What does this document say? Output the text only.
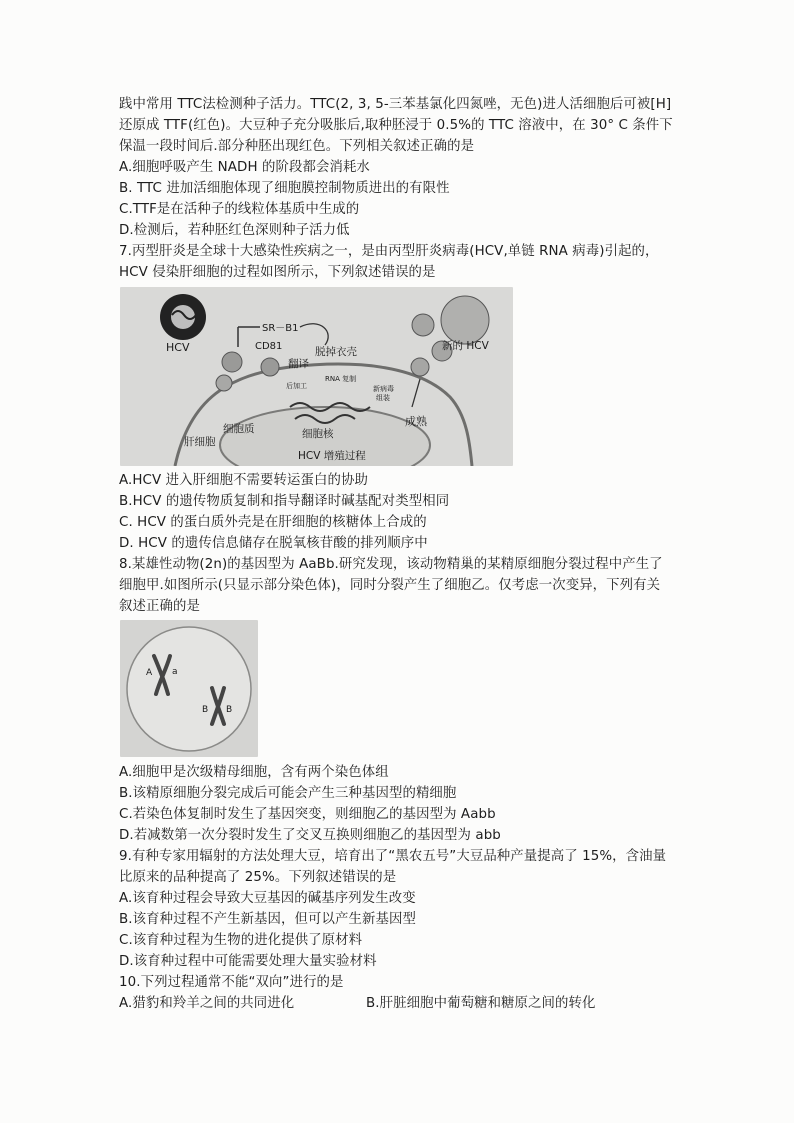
践中常用 TTC法检测种子活力。TTC(2, 3, 5-三苯基氯化四氮唑，无色)进人活细胞后可被[H]
还原成 TTF(红色)。大豆种子充分吸胀后,取种胚浸于 0.5%的 TTC 溶液中，在 30° C 条件下
保温一段时间后.部分种胚出现红色。下列相关叙述正确的是
A.细胞呼吸产生 NADH 的阶段都会消耗水
B. TTC 进加活细胞体现了细胞膜控制物质进出的有限性
C.TTF是在活种子的线粒体基质中生成的
D.检测后，若种胚红色深则种子活力低
7.丙型肝炎是全球十大感染性疾病之一，是由丙型肝炎病毒(HCV,单链 RNA 病毒)引起的，
HCV 侵染肝细胞的过程如图所示，下列叙述错误的是
HCV
SR－B1
CD81	脱掉衣壳
翻译
后加工
RNA 复制
新病毒
组装
新的 HCV
成熟
细胞质
肝细胞
细胞核
HCV 增殖过程
A.HCV 进入肝细胞不需要转运蛋白的协助
B.HCV 的遗传物质复制和指导翻译时碱基配对类型相同
C. HCV 的蛋白质外壳是在肝细胞的核糖体上合成的
D. HCV 的遗传信息储存在脱氧核苷酸的排列顺序中
8.某雄性动物(2n)的基因型为 AaBb.研究发现，该动物精巢的某精原细胞分裂过程中产生了
细胞甲.如图所示(只显示部分染色体)，同时分裂产生了细胞乙。仅考虑一次变异，下列有关
叙述正确的是
A a
B B
A.细胞甲是次级精母细胞，含有两个染色体组
B.该精原细胞分裂完成后可能会产生三种基因型的精细胞
C.若染色体复制时发生了基因突变，则细胞乙的基因型为 Aabb
D.若减数第一次分裂时发生了交叉互换则细胞乙的基因型为 abb
9.有种专家用辐射的方法处理大豆，培育出了“黑农五号”大豆品种产量提高了 15%，含油量
比原来的品种提高了 25%。下列叙述错误的是
A.该育种过程会导致大豆基因的碱基序列发生改变
B.该育种过程不产生新基因，但可以产生新基因型
C.该育种过程为生物的进化提供了原材料
D.该育种过程中可能需要处理大量实验材料
10.下列过程通常不能“双向”进行的是
A.猎豹和羚羊之间的共同进化	B.肝脏细胞中葡萄糖和糖原之间的转化
